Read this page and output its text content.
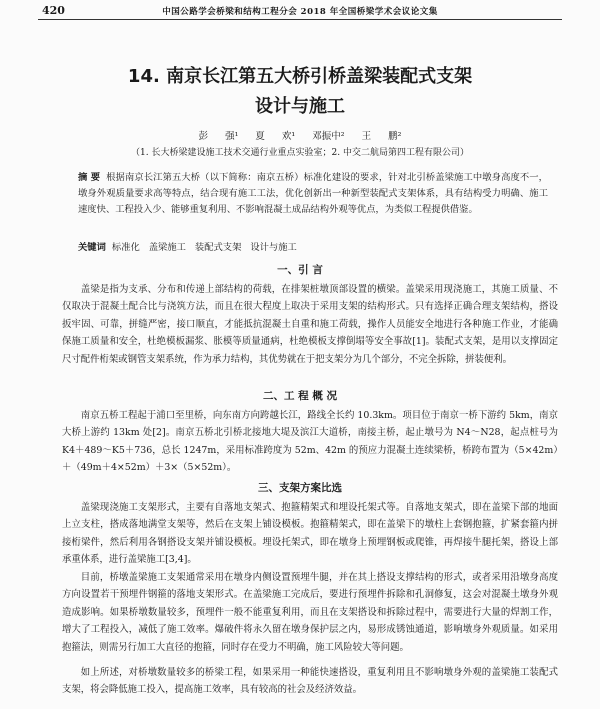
420	中国公路学会桥梁和结构工程分会 2018 年全国桥梁学术会议论文集
14. 南京长江第五大桥引桥盖梁装配式支架
设计与施工
彭 强¹ 夏 欢¹ 邓振中² 王 鹏²
（1. 长大桥梁建设施工技术交通行业重点实验室；2. 中交二航局第四工程有限公司）
摘 要 根据南京长江第五大桥（以下简称：南京五桥）标准化建设的要求，针对北引桥盖梁施工中墩身高度不一，墩身外观质量要求高等特点，结合现有施工工法，优化创新出一种新型装配式支架体系，具有结构受力明确、施工速度快、工程投入少、能够重复利用、不影响混凝土成品结构外观等优点，为类似工程提供借鉴。
关键词 标准化 盖梁施工 装配式支架 设计与施工
一、引 言

盖梁是指为支承、分布和传递上部结构的荷载，在排架桩墩顶部设置的横梁。盖梁采用现浇施工，其施工质量、不仅取决于混凝土配合比与浇筑方法，而且在很大程度上取决于采用支架的结构形式。只有选择正确合理支架结构，搭设扳牢固、可靠，拼缝严密，接口顺直，才能抵抗混凝土自重和施工荷载，操作人员能安全地进行各种施工作业，才能确保施工质量和安全，杜绝模板漏浆、胀模等质量通病，杜绝模板支撑倒塌等安全事故[1]。装配式支架，是用以支撑固定尺寸配件桁架或钢管支架系统，作为承力结构，其优势就在于把支架分为几个部分，不完全拆除，拼装便利。

二、工 程 概 况

南京五桥工程起于浦口至里桥，向东南方向跨越长江，路线全长约 10.3km。项目位于南京一桥下游约 5km，南京大桥上游约 13km 处[2]。南京五桥北引桥北接地大堤及滨江大道桥，南接主桥，起止墩号为 N4～N28，起点桩号为 K4＋489～K5＋736，总长 1247m，采用标准跨度为 52m、42m 的预应力混凝土连续梁桥，桥跨布置为（5×42m）＋（49m＋4×52m）＋3×（5×52m）。

三、支架方案比选

盖梁现浇施工支架形式，主要有自落地支架式、抱箍精架式和埋设托架式等。自落地支架式，即在盖梁下部的地面上立支柱，搭成落地满堂支架等，然后在支架上铺设模板。抱箍精架式，即在盖梁下的墩柱上套钢抱箍，扩紧套箍内拼接桁梁件，然后利用各钢搭设支架并铺设模板。埋设托架式，即在墩身上预埋钢板或爬锥，再焊接牛腿托架，搭设上部承重体系，进行盖梁施工[3,4]。

目前，桥墩盖梁施工支架通常采用在墩身内侧设置预埋牛腿，并在其上搭设支撑结构的形式，或者采用沿墩身高度方向设置若干预埋件钢箍的落地支架形式。在盖梁施工完成后，要进行预埋件拆除和孔洞修复，这会对混凝土墩身外观造成影响。如果桥墩数量较多，预埋件一般不能重复利用，而且在支架搭设和拆除过程中，需要进行大量的焊割工作，增大了工程投入，减低了施工效率。爆破件将永久留在墩身保护层之内，易形成锈蚀通道，影响墩身外观质量。如采用抱箍法，则需另行加工大直径的抱箍，同时存在受力不明确，施工风险较大等问题。

如上所述，对桥墩数量较多的桥梁工程，如果采用一种能快速搭设，重复利用且不影响墩身外观的盖梁施工装配式支架，将会降低施工投入，提高施工效率，具有较高的社会及经济效益。
